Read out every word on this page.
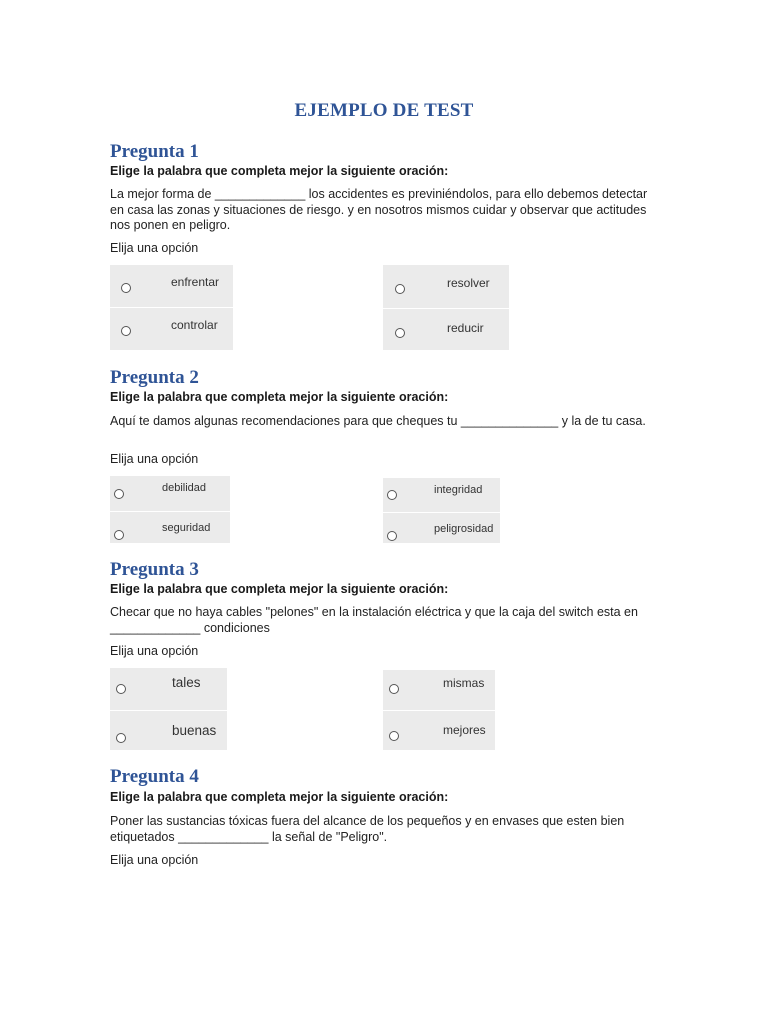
EJEMPLO DE TEST
Pregunta 1
Elige la palabra que completa mejor la siguiente oración:
La mejor forma de _____________ los accidentes es previniéndolos, para ello debemos detectar en casa las zonas y situaciones de riesgo. y en nosotros mismos cuidar y observar que actitudes nos ponen en peligro.
Elija una opción
enfrentar
controlar
resolver
reducir
Pregunta 2
Elige la palabra que completa mejor la siguiente oración:
Aquí te damos algunas recomendaciones para que cheques tu ______________ y la de tu casa.
Elija una opción
debilidad
seguridad
integridad
peligrosidad
Pregunta 3
Elige la palabra que completa mejor la siguiente oración:
Checar que no haya cables "pelones" en la instalación eléctrica y que la caja del switch esta en _____________ condiciones
Elija una opción
tales
buenas
mismas
mejores
Pregunta 4
Elige la palabra que completa mejor la siguiente oración:
Poner las sustancias tóxicas fuera del alcance de los pequeños y en envases que esten bien etiquetados _____________ la señal de "Peligro".
Elija una opción
